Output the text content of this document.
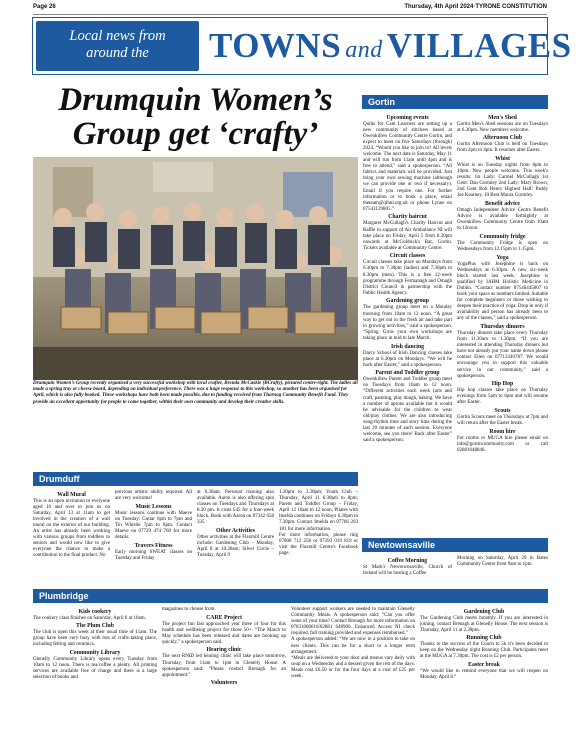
Page 26	Thursday, 4th April 2024·TYRONE CONSTITUTION
Local news from
around the	TOWNS and VILLAGES
Drumquin Women’s
Group get ‘crafty’
Drumquin Women’s Group recently organised a very successful workshop with local crafter, Brenda McCaskie (BCrafty), pictured centre-right. The ladies all made a spring tray or cheese board, depending on individual preference. There was a huge response to this workshop, so another has been organised for April, which is also fully booked. These workshops have both been made possible, due to funding received from Thornog Community Benefit Fund. They provide an excellent opportunity for people to come together, within their own community and develop their creative skills.
Gortin
Upcoming events

Quilts for Cam Learners are setting up a new community of stitchers based at Owenkillew Community Centre Gortin, and expect to meet on five Saturdays (through) 2024. “Would you like to join in? All levels welcome. The next date is Saturday, May 11 and will run from 11am until 4pm and is free to attend,” said a spokesperson. “All fabrics and materials will be provided. Just bring your own sewing machine (although we can provide one or two if necessary). Email if you require one. For further information or to book a place, email theteam@qlhni.org.uk or phone Lynne on 07543129805.”

Charity haircut

Margaret McCullagh's Charity Haircut and Raffle in support of Air Ambulance NI will take place on Friday, April 5 from 8.30pm onwards at McGoldrick's Bar, Gortin. Tickets available at Community Centre.

Circuit classes

Circuit classes take place on Mondays from 6.30pm to 7.30pm (ladies) and 7.30pm to 8.30pm (men). This is a free 12-week programme through Fermanagh and Omagh District Council in partnership with the Public Health Agency.

Gardening group

The gardening group meet on a Monday morning from 10am to 12 noon. “A great way to get out in the fresh air and take part in growing activities,” said a spokesperson. “Spring. Grow your own workshops are taking place in mid to late March.

Irish dancing

Darcy School of Irish Dancing classes take place at 6.30pm on Mondays. “We will be back after Easter,” said a spokesperson.

Parent and Toddler group

Owenkillew Parent and Toddler group meet on Tuesdays from 10am to 12 noon. “Different activities each week (arts and craft, painting, play dough, baking. We have a number of aprons available but it would be advisable for the children to wear old/play clothes. We are also introducing song/rhythm time and story time during the last 20 minutes of each session. Everyone welcome, see you there! Back after Easter” said a spokesperson.

Men's Shed

Gortin Men's Shed sessions are on Tuesdays at 6.30pm. New members welcome.

Afternoon Club

Gortin Afternoon Club is held on Tuesdays from 2pm to 4pm. It resumes after Easter.

Whist

Whist is on Tuesday nights from 8pm to 10pm. New people welcome. This week's results: 1st Lady: Carmel McCullagh 1st Gent: Dan Gormley 2nd Lady: Mary Brown, 2nd Gent Bob Henry Highest Half: Paddy Joe Kearney, 10 Best Maura Gormley.

Benefit advice

Omagh Independent Advice Centre Benefit Advice is available fortnightly at Owenkillew Community Centre from 10am to 12noon.

Community fridge

The Community Fridge is open on Wednesdays from 12.15pm to 1.15pm.

Yoga

YogaPlus with Josephine is back on Wednesdays at 6.30pm. A new six-week block started last week. Josephine is qualified by IAHM Holistic Medicine in Dublin. “Contact number 07546445007 to book your space as numbers limited. Suitable for complete beginners or those wishing to deepen their practice of yoga. Drop in only if availability and person has already been to any of the classes,” said a spokesperson.

Thursday dinners

Thursday dinners take place every Thursday from 11.30am to 1.30pm. “If you are interested in attending Thursday dinners but have not already put your name down please contact Ellen on 07713340787. We would encourage you to support this valuable service in our community,” said a spokesperson.

Hip Hop

Hip hop classes take place on Thursday evenings from 5pm to 6pm and will resume after Easter.

Scouts

Gortin Scouts meet on Thursdays at 7pm and will return after the Easter break.

Room hire

For rooms or MUGA hire please email on info@gortincommunity.com or call 02881648846.

Newtownsaville
Coffee Morning

St Mark's Newtownsaville, Church of Ireland will be hosting a Coffee

Morning on Saturday, April 20 in Bates Community Centre from 9am to 1pm.

Drumduff
Wall Mural

This is an open invitation to everyone aged 16 and over to join us on Saturday, April 13 at 11am to get involved in the creation of a wall mural on the exterior of our building. An artist has already been working with various groups from toddlers to seniors and would now like to give everyone the chance to make a contribution to the final product. No

previous artistic ability required. All are very welcome!

Music Lessons

Music lessons continue with Maeve on Tuesday: Guitar 6pm to 7pm and Tin Whistle 7pm to 8pm. Contact Maeve on 07729 474 760 for more details.

Travers Fitness

Early morning SWEAT classes on Tuesday and Friday

at 6.30am. Personal training also available. Aaron is also offering spin classes on Tuesdays and Thursdays at 8.30 pm. It costs £45 for a four-week block. Book with Aaron on 07342 658 335

Other Activities

Other activities at the Flaxmill Centre include: Gardening Club – Monday, April 8 at 10.30am; Silver Circle – Tuesday, April 9

1.30pm to 3.30pm; Youth Club – Thursday, April 11 6.30pm to 8pm; Parent and Toddler Group – Friday, April 12 10am to 12 noon; Pilates with Imelda continues on Fridays 6.30pm to 7.30pm. Contact Imelda on 07766 203 181 for more information.

For more information, please ring 07808 712 258 or 07393 019 819 or visit the Flaxmill Centre's Facebook page.

Plumbridge
Kids cookery

The cookery class finishes on Saturday, April 6 at 10am.

The Plum Club

The club is open this week at their usual time of 11am. The group have been very busy with lots of crafts taking place, including felting and ceramics.

Community Library

Glenelly Community Library opens every Tuesday from 10am to 12 noon. There is tea/coffee a plenty. All printing services are available free of charge and there is a large selection of books and

magazines to choose from.

CARE Project

The project fun fast approached year three of four for this health and wellbeing project for those 50+. “The March to May schedule has been released and dates are booking up quickly,” a spokesperson said.

Hearing clinic

The next RNID led hearing clinic will take place tomorrow, Thursday, from 11am to 1pm in Glenelly House. A spokesperson said: “Please contact Brenagh for an appointment.”

Volunteers

Volunteer support workers are needed to maintain Glenelly Community Meals. A spokesperson said: “Can you offer some of your time? Contact Brenagh for more information on 07831060616/02881 648900. Enhanced Access NI check required, full training provided and expenses reimbursed.”

A spokesperson added: “We are now in a position to take on new clients. This can be for a short or a longer term arrangement.

“Meals are delivered to your door and menus vary daily with soup on a Wednesday and a dessert given the rest of the days. Meals cost £6.50 or for the four days at a cost of £25 per week.

Gardening Club

The Gardening Club meets monthly. If you are interested in joining, contact Brenagh at Glenelly House. The next session is Thursday, April 11 at 2.30pm.

Running Club

Thanks to the success of the Couch to 5k it's been decided to keep on the Wednesday night Running Club. Participants meet at the MUGA at 7.30pm. The cost is £2 per person.

Easter break

“We would like to remind everyone that we will reopen on Monday, April 8.”
